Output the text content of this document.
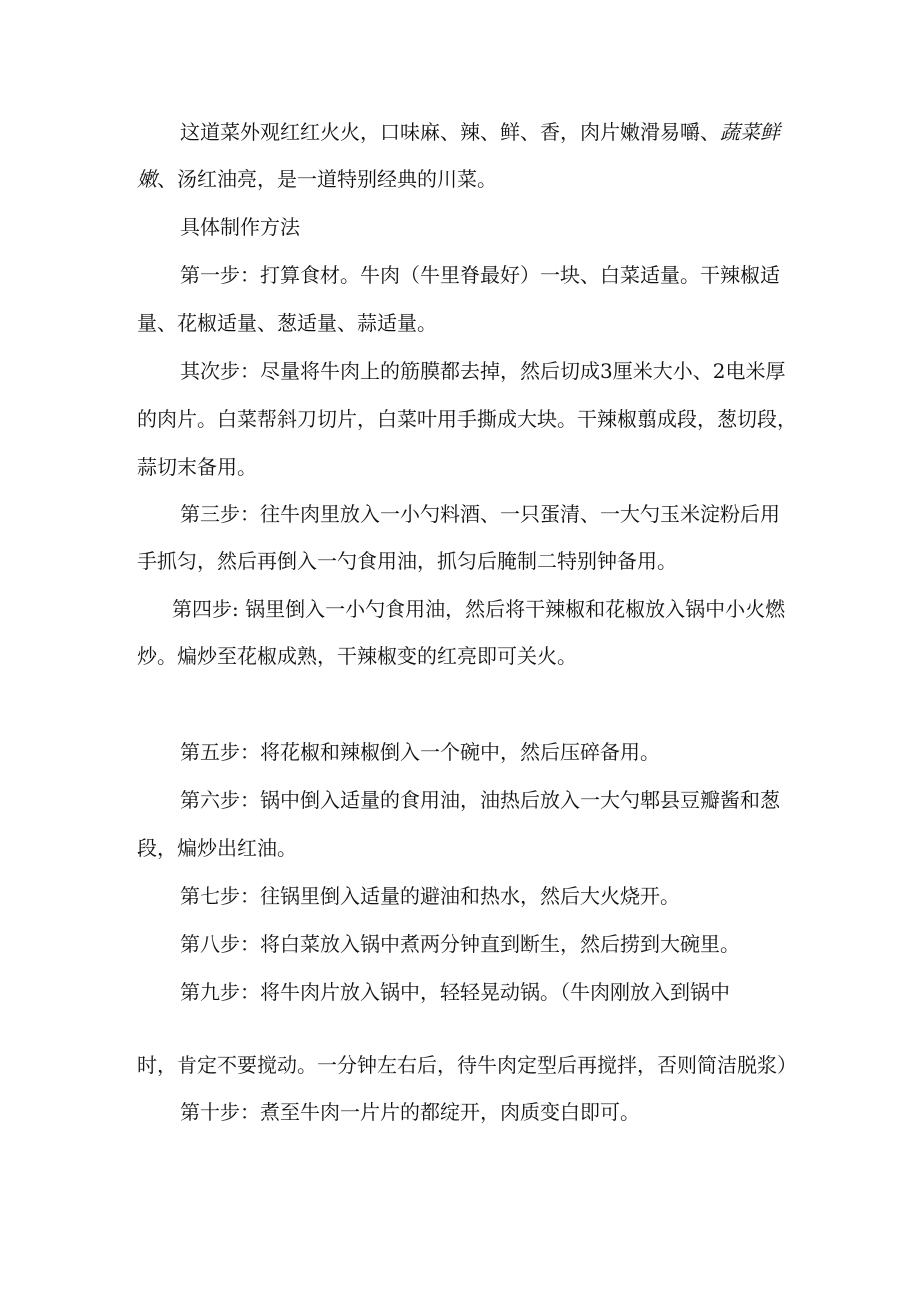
这道菜外观红红火火，口味麻、辣、鲜、香，肉片嫩滑易嚼、蔬菜鲜
嫩、汤红油亮，是一道特别经典的川菜。
具体制作方法
第一步：打算食材。牛肉（牛里脊最好）一块、白菜适量。干辣椒适
量、花椒适量、葱适量、蒜适量。
其次步：尽量将牛肉上的筋膜都去掉，然后切成3厘米大小、2电米厚
的肉片。白菜帮斜刀切片，白菜叶用手撕成大块。干辣椒翦成段，葱切段，
蒜切末备用。
第三步：往牛肉里放入一小勺料酒、一只蛋清、一大勺玉米淀粉后用
手抓匀，然后再倒入一勺食用油，抓匀后腌制二特别钟备用。
第四步: 锅里倒入一小勺食用油，然后将干辣椒和花椒放入锅中小火燃
炒。煸炒至花椒成熟，干辣椒变的红亮即可关火。
第五步：将花椒和辣椒倒入一个碗中，然后压碎备用。
第六步：锅中倒入适量的食用油，油热后放入一大勺郫县豆瓣酱和葱
段，煸炒出红油。
第七步：往锅里倒入适量的避油和热水，然后大火烧开。
第八步：将白菜放入锅中煮两分钟直到断生，然后捞到大碗里。
第九步：将牛肉片放入锅中，轻轻晃动锅。（牛肉刚放入到锅中
时，肯定不要搅动。一分钟左右后，待牛肉定型后再搅拌，否则简洁脱浆）
第十步：煮至牛肉一片片的都绽开，肉质变白即可。
